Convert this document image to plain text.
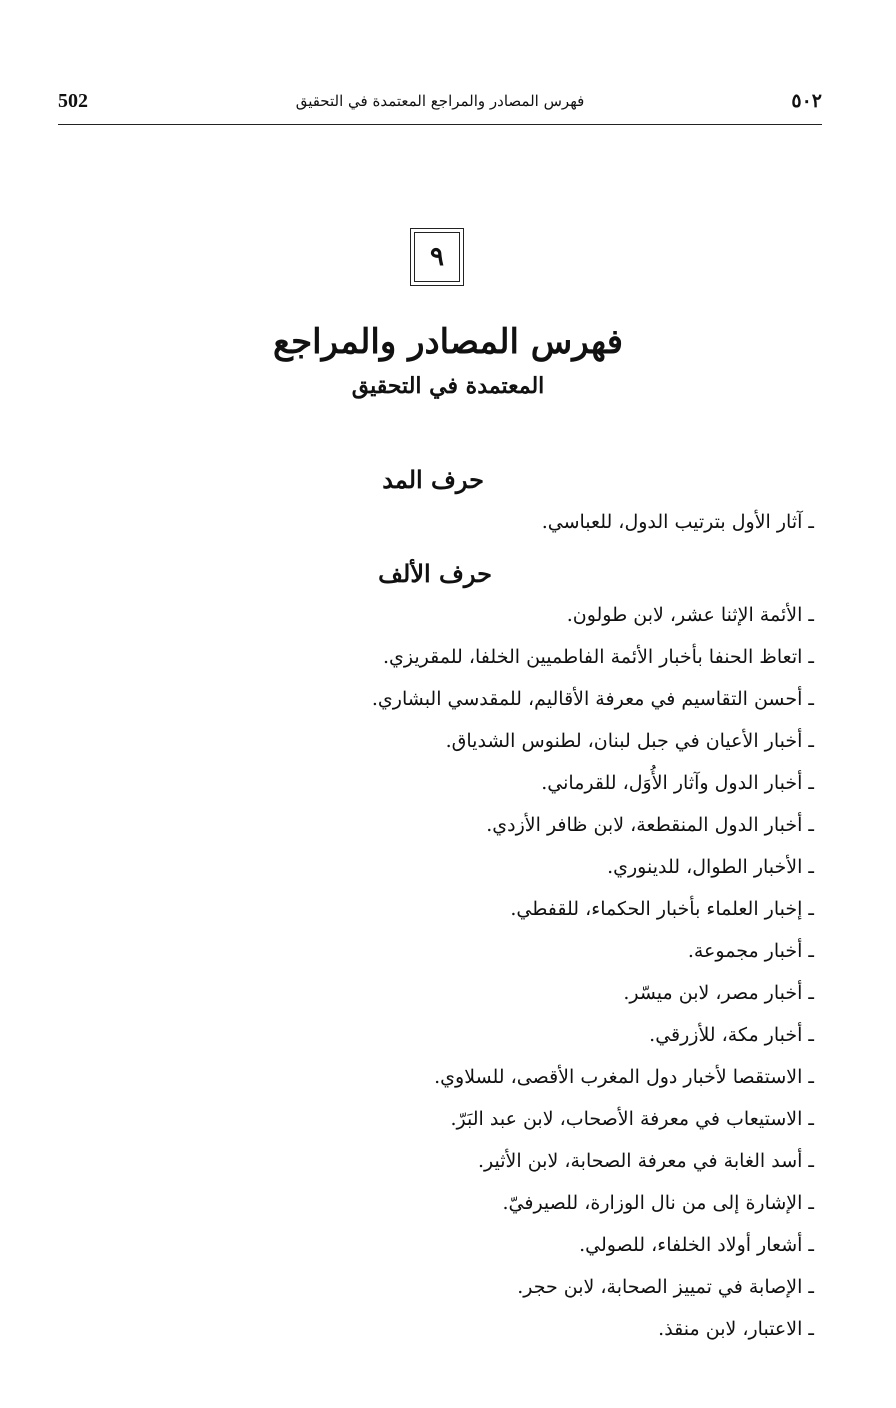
502	فهرس المصادر والمراجع المعتمدة في التحقيق	٥٠٢
٩
فهرس المصادر والمراجع
المعتمدة في التحقيق
حرف المد
ـ آثار الأول بترتيب الدول، للعباسي.
حرف الألف
ـ الأئمة الإثنا عشر، لابن طولون.
ـ اتعاظ الحنفا بأخبار الأئمة الفاطميين الخلفا، للمقريزي.
ـ أحسن التقاسيم في معرفة الأقاليم، للمقدسي البشاري.
ـ أخبار الأعيان في جبل لبنان، لطنوس الشدياق.
ـ أخبار الدول وآثار الأُوَل، للقرماني.
ـ أخبار الدول المنقطعة، لابن ظافر الأزدي.
ـ الأخبار الطوال، للدينوري.
ـ إخبار العلماء بأخبار الحكماء، للقفطي.
ـ أخبار مجموعة.
ـ أخبار مصر، لابن ميسّر.
ـ أخبار مكة، للأزرقي.
ـ الاستقصا لأخبار دول المغرب الأقصى، للسلاوي.
ـ الاستيعاب في معرفة الأصحاب، لابن عبد البَرّ.
ـ أسد الغابة في معرفة الصحابة، لابن الأثير.
ـ الإشارة إلى من نال الوزارة، للصيرفيّ.
ـ أشعار أولاد الخلفاء، للصولي.
ـ الإصابة في تمييز الصحابة، لابن حجر.
ـ الاعتبار، لابن منقذ.
